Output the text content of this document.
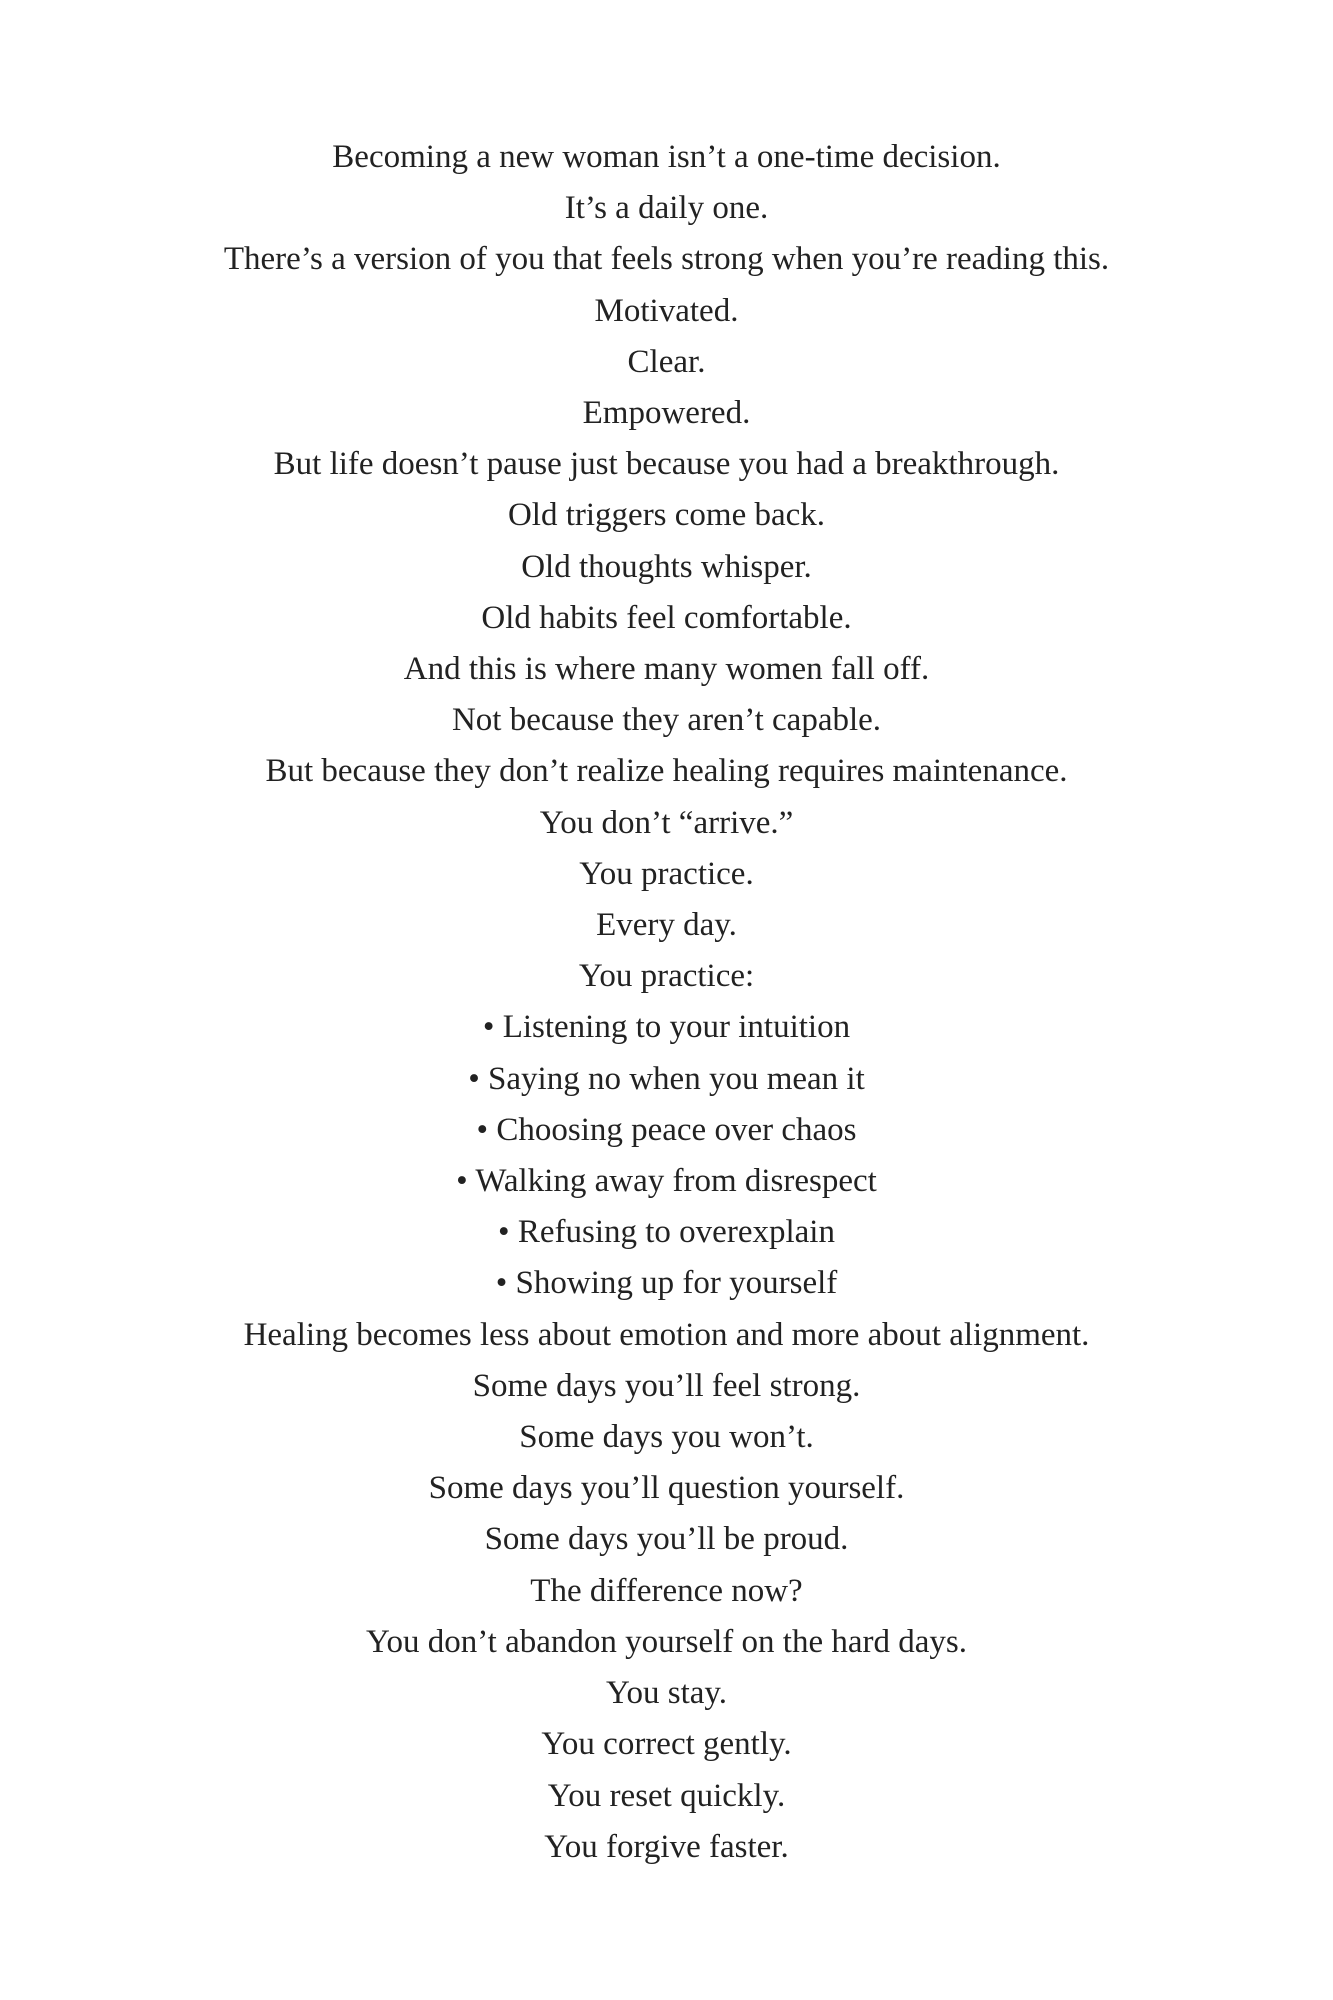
Becoming a new woman isn’t a one-time decision.
It’s a daily one.
There’s a version of you that feels strong when you’re reading this.
Motivated.
Clear.
Empowered.
But life doesn’t pause just because you had a breakthrough.
Old triggers come back.
Old thoughts whisper.
Old habits feel comfortable.
And this is where many women fall off.
Not because they aren’t capable.
But because they don’t realize healing requires maintenance.
You don’t “arrive.”
You practice.
Every day.
You practice:
• Listening to your intuition
• Saying no when you mean it
• Choosing peace over chaos
• Walking away from disrespect
• Refusing to overexplain
• Showing up for yourself
Healing becomes less about emotion and more about alignment.
Some days you’ll feel strong.
Some days you won’t.
Some days you’ll question yourself.
Some days you’ll be proud.
The difference now?
You don’t abandon yourself on the hard days.
You stay.
You correct gently.
You reset quickly.
You forgive faster.
